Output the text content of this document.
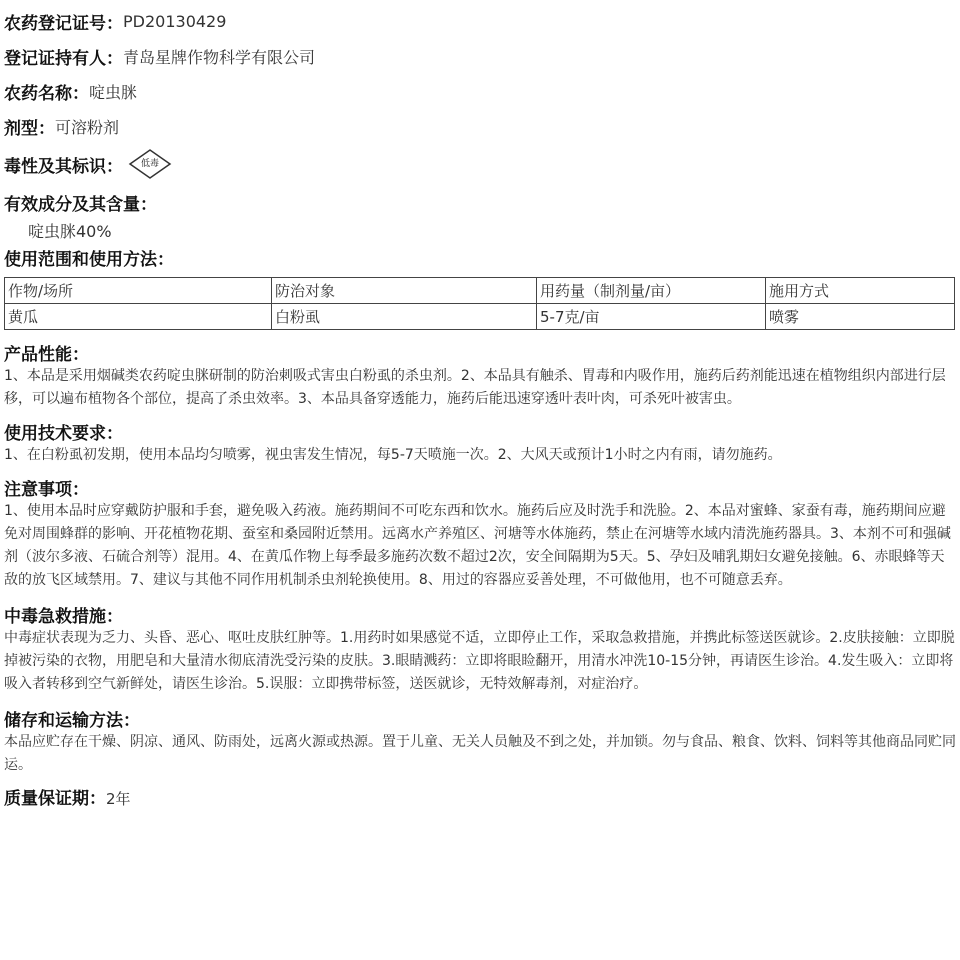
农药登记证号： PD20130429
登记证持有人： 青岛星牌作物科学有限公司
农药名称： 啶虫脒
剂型： 可溶粉剂
毒性及其标识：	低毒
有效成分及其含量：
啶虫脒40%
使用范围和使用方法：
作物/场所	防治对象	用药量（制剂量/亩）	施用方式
黄瓜	白粉虱	5-7克/亩	喷雾
产品性能：
1、本品是采用烟碱类农药啶虫脒研制的防治刺吸式害虫白粉虱的杀虫剂。2、本品具有触杀、胃毒和内吸作用，施药后药剂能迅速在植物组织内部进行层移，可以遍布植物各个部位，提高了杀虫效率。3、本品具备穿透能力，施药后能迅速穿透叶表叶肉，可杀死叶被害虫。
使用技术要求：
1、在白粉虱初发期，使用本品均匀喷雾，视虫害发生情况，每5-7天喷施一次。2、大风天或预计1小时之内有雨，请勿施药。
注意事项：
1、使用本品时应穿戴防护服和手套，避免吸入药液。施药期间不可吃东西和饮水。施药后应及时洗手和洗脸。2、本品对蜜蜂、家蚕有毒，施药期间应避免对周围蜂群的影响、开花植物花期、蚕室和桑园附近禁用。远离水产养殖区、河塘等水体施药，禁止在河塘等水域内清洗施药器具。3、本剂不可和强碱剂（波尔多液、石硫合剂等）混用。4、在黄瓜作物上每季最多施药次数不超过2次，安全间隔期为5天。5、孕妇及哺乳期妇女避免接触。6、赤眼蜂等天敌的放飞区域禁用。7、建议与其他不同作用机制杀虫剂轮换使用。8、用过的容器应妥善处理，不可做他用，也不可随意丢弃。
中毒急救措施：
中毒症状表现为乏力、头昏、恶心、呕吐皮肤红肿等。1.用药时如果感觉不适，立即停止工作，采取急救措施，并携此标签送医就诊。2.皮肤接触：立即脱掉被污染的衣物，用肥皂和大量清水彻底清洗受污染的皮肤。3.眼睛溅药：立即将眼睑翻开，用清水冲洗10-15分钟，再请医生诊治。4.发生吸入：立即将吸入者转移到空气新鲜处，请医生诊治。5.误服：立即携带标签，送医就诊，无特效解毒剂，对症治疗。
储存和运输方法：
本品应贮存在干燥、阴凉、通风、防雨处，远离火源或热源。置于儿童、无关人员触及不到之处，并加锁。勿与食品、粮食、饮料、饲料等其他商品同贮同运。
质量保证期：2年
